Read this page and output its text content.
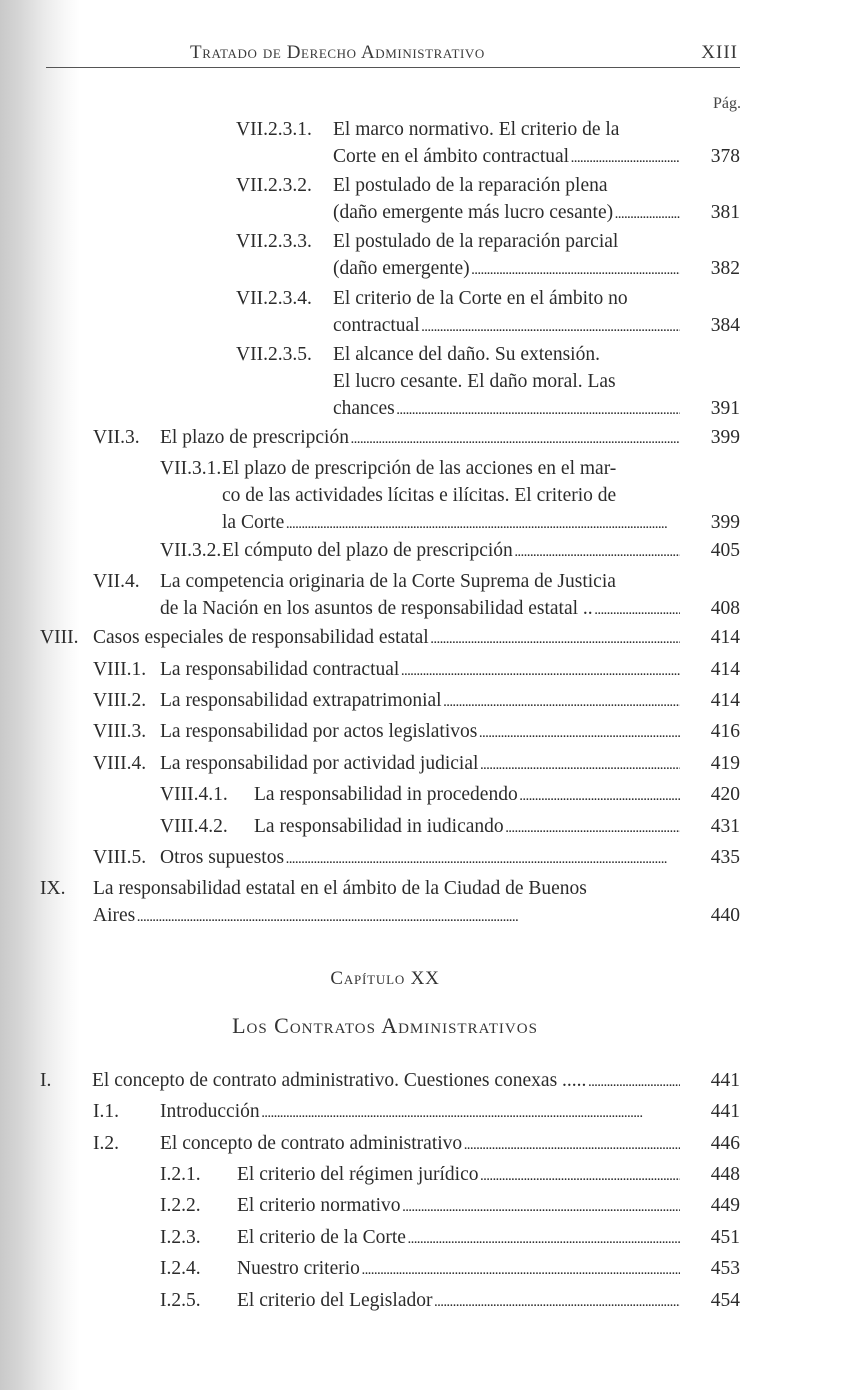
Tratado de Derecho Administrativo	XIII
Pág.
VII.2.3.1. El marco normativo. El criterio de la
Corte en el ámbito contractual . . .	378
VII.2.3.2. El postulado de la reparación plena
(daño emergente más lucro cesante) . . .	381
VII.2.3.3. El postulado de la reparación parcial
(daño emergente) . . .	382
VII.2.3.4. El criterio de la Corte en el ámbito no
contractual . . .	384
VII.2.3.5. El alcance del daño. Su extensión.
El lucro cesante. El daño moral. Las
chances . . .	391
VII.3. El plazo de prescripción . . .	399
VII.3.1. El plazo de prescripción de las acciones en el mar-
co de las actividades lícitas e ilícitas. El criterio de
la Corte . . .	399
VII.3.2. El cómputo del plazo de prescripción . . .	405
VII.4. La competencia originaria de la Corte Suprema de Justicia
de la Nación en los asuntos de responsabilidad estatal .. . . .	408
VIII. Casos especiales de responsabilidad estatal . . .	414
VIII.1. La responsabilidad contractual . . .	414
VIII.2. La responsabilidad extrapatrimonial . . .	414
VIII.3. La responsabilidad por actos legislativos . . .	416
VIII.4. La responsabilidad por actividad judicial . . .	419
VIII.4.1. La responsabilidad in procedendo . . .	420
VIII.4.2. La responsabilidad in iudicando . . .	431
VIII.5. Otros supuestos . . .	435
IX. La responsabilidad estatal en el ámbito de la Ciudad de Buenos
Aires . . .	440
Capítulo XX
Los Contratos Administrativos
I. El concepto de contrato administrativo. Cuestiones conexas ..... . . .	441
I.1. Introducción . . .	441
I.2. El concepto de contrato administrativo . . .	446
I.2.1. El criterio del régimen jurídico . . .	448
I.2.2. El criterio normativo . . .	449
I.2.3. El criterio de la Corte . . .	451
I.2.4. Nuestro criterio . . .	453
I.2.5. El criterio del Legislador . . .	454
